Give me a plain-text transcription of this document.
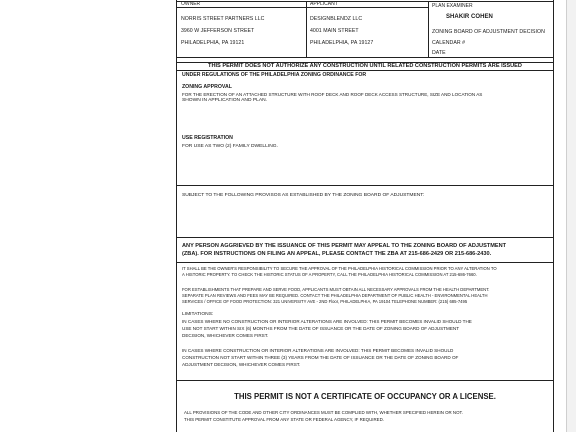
OWNER
NORRIS STREET PARTNERS LLC
3960 W JEFFERSON STREET
PHILADELPHIA, PA 19121
APPLICANT
DESIGNBLENDZ LLC
4001 MAIN STREET
PHILADELPHIA, PA 19127
PLAN EXAMINER
SHAKIR COHEN
ZONING BOARD OF ADJUSTMENT DECISION
CALENDAR #
DATE
THIS PERMIT DOES NOT AUTHORIZE ANY CONSTRUCTION UNTIL RELATED CONSTRUCTION PERMITS ARE ISSUED
UNDER REGULATIONS OF THE PHILADELPHIA ZONING ORDINANCE FOR
ZONING APPROVAL
FOR THE ERECTION OF AN ATTACHED STRUCTURE WITH ROOF DECK AND ROOF DECK ACCESS STRUCTURE, SIZE AND LOCATION AS
SHOWN IN APPLICATION AND PLAN.
USE REGISTRATION
FOR USE AS TWO (2) FAMILY DWELLING.
SUBJECT TO THE FOLLOWING PROVISOS AS ESTABLISHED BY THE ZONING BOARD OF ADJUSTMENT:
ANY PERSON AGGRIEVED BY THE ISSUANCE OF THIS PERMIT MAY APPEAL TO THE ZONING BOARD OF ADJUSTMENT
(ZBA). FOR INSTRUCTIONS ON FILING AN APPEAL, PLEASE CONTACT THE ZBA AT 215-686-2429 OR 215-686-2430.
IT SHALL BE THE OWNER'S RESPONSIBILITY TO SECURE THE APPROVAL OF THE PHILADELPHIA HISTORICAL COMMISSION PRIOR TO ANY ALTERATION TO
A HISTORIC PROPERTY. TO CHECK THE HISTORIC STATUS OF A PROPERTY, CALL THE PHILADELPHIA HISTORICAL COMMISSION AT 215-686-7660.
FOR ESTABLISHMENTS THAT PREPARE AND SERVE FOOD, APPLICANTS MUST OBTAIN ALL NECESSARY APPROVALS FROM THE HEALTH DEPARTMENT.
SEPARATE PLAN REVIEWS AND FEES MAY BE REQUIRED. CONTACT THE PHILADELPHIA DEPARTMENT OF PUBLIC HEALTH - ENVIRONMENTAL HEALTH
SERVICES / OFFICE OF FOOD PROTECTION: 321 UNIVERSITY AVE - 2ND Floor, PHILADELPHIA, PA 19104 TELEPHONE NUMBER: (215) 685-7495
LIMITATIONS:
IN CASES WHERE NO CONSTRUCTION OR INTERIOR ALTERATIONS ARE INVOLVED: THIS PERMIT BECOMES INVALID SHOULD THE
USE NOT START WITHIN SIX (6) MONTHS FROM THE DATE OF ISSUANCE OR THE DATE OF ZONING BOARD OF ADJUSTMENT
DECISION, WHICHEVER COMES FIRST.
IN CASES WHERE CONSTRUCTION OR INTERIOR ALTERATIONS ARE INVOLVED: THIS PERMIT BECOMES INVALID SHOULD
CONSTRUCTION NOT START WITHIN THREE (3) YEARS FROM THE DATE OF ISSUANCE OR THE DATE OF ZONING BOARD OF
ADJUSTMENT DECISION, WHICHEVER COMES FIRST.
THIS PERMIT IS NOT A CERTIFICATE OF OCCUPANCY OR A LICENSE.
ALL PROVISIONS OF THE CODE AND OTHER CITY ORDINANCES MUST BE COMPLIED WITH, WHETHER SPECIFIED HEREIN OR NOT.
THIS PERMIT CONSTITUTE APPROVAL FROM ANY STATE OR FEDERAL AGENCY, IF REQUIRED.
